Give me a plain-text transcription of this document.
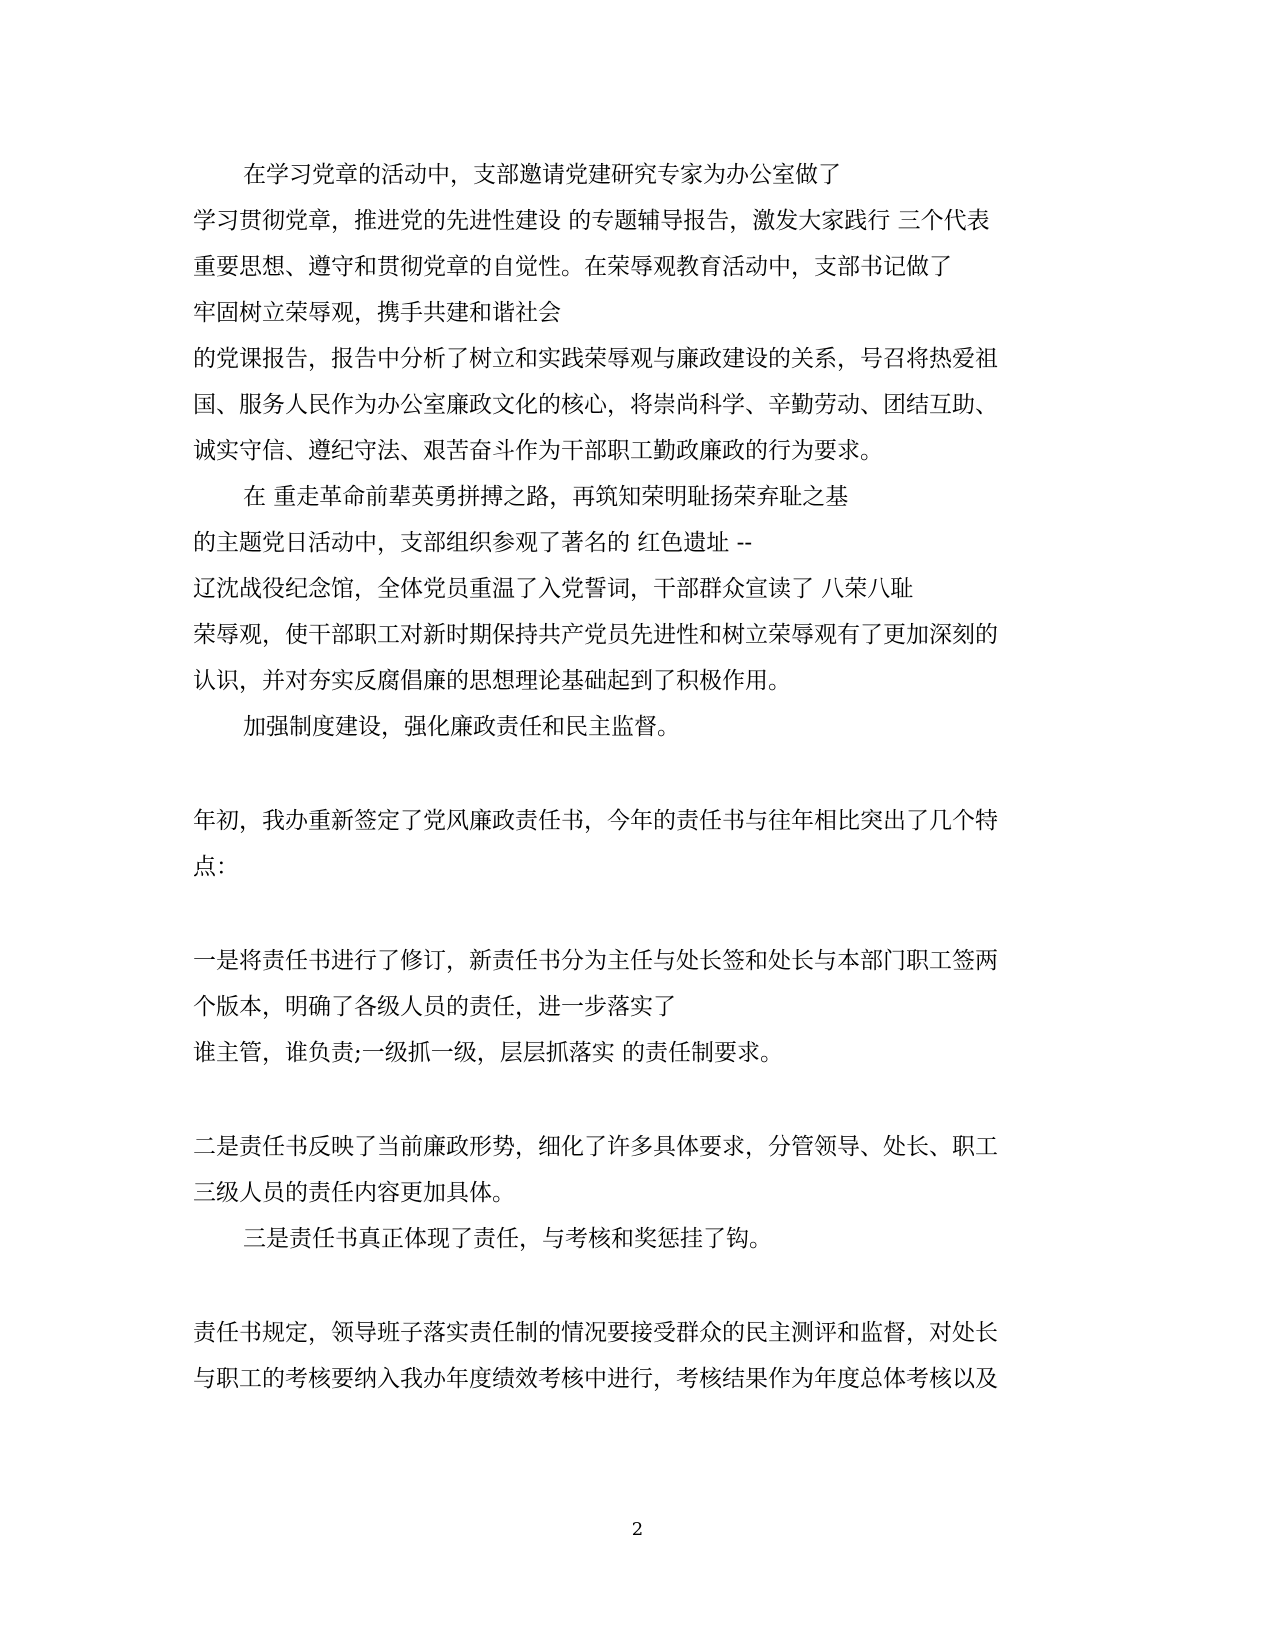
在学习党章的活动中，支部邀请党建研究专家为办公室做了
学习贯彻党章，推进党的先进性建设 的专题辅导报告，激发大家践行 三个代表
重要思想、遵守和贯彻党章的自觉性。在荣辱观教育活动中，支部书记做了
牢固树立荣辱观，携手共建和谐社会
的党课报告，报告中分析了树立和实践荣辱观与廉政建设的关系，号召将热爱祖
国、服务人民作为办公室廉政文化的核心，将崇尚科学、辛勤劳动、团结互助、
诚实守信、遵纪守法、艰苦奋斗作为干部职工勤政廉政的行为要求。
在 重走革命前辈英勇拼搏之路，再筑知荣明耻扬荣弃耻之基
的主题党日活动中，支部组织参观了著名的 红色遗址 --
辽沈战役纪念馆，全体党员重温了入党誓词，干部群众宣读了 八荣八耻
荣辱观，使干部职工对新时期保持共产党员先进性和树立荣辱观有了更加深刻的
认识，并对夯实反腐倡廉的思想理论基础起到了积极作用。
加强制度建设，强化廉政责任和民主监督。
年初，我办重新签定了党风廉政责任书，今年的责任书与往年相比突出了几个特
点：
一是将责任书进行了修订，新责任书分为主任与处长签和处长与本部门职工签两
个版本，明确了各级人员的责任，进一步落实了
谁主管，谁负责;一级抓一级，层层抓落实 的责任制要求。
二是责任书反映了当前廉政形势，细化了许多具体要求，分管领导、处长、职工
三级人员的责任内容更加具体。
三是责任书真正体现了责任，与考核和奖惩挂了钩。
责任书规定，领导班子落实责任制的情况要接受群众的民主测评和监督，对处长
与职工的考核要纳入我办年度绩效考核中进行，考核结果作为年度总体考核以及
2
